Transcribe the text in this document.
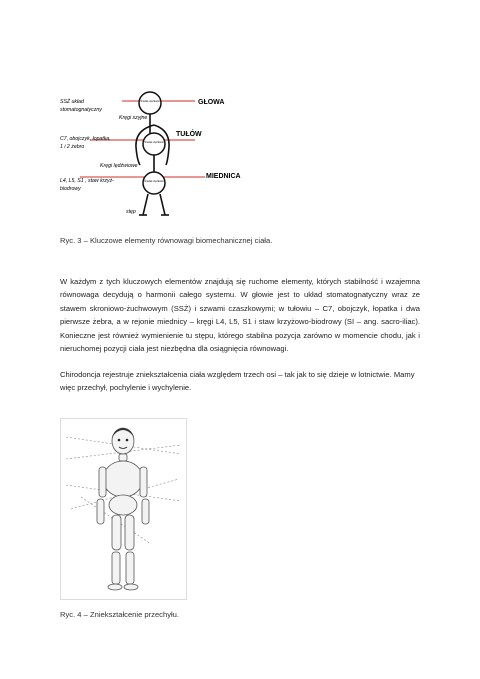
Środek ciężkości
Środek ciężkości
Środek ciężkości
SSŻ układ
stomatognatyczny
Kręgi szyjne
C7, obojczyk, łopatka,
1 i 2 żebro
Kręgi lędźwiowe
L4, L5, S1 , staw krzyż-
biodrowy
stęp
GŁOWA
TUŁÓW
MIEDNICA
Ryc. 3 – Kluczowe elementy równowagi biomechanicznej ciała.
W każdym z tych kluczowych elementów znajdują się ruchome elementy, których stabilność i wzajemna równowaga decydują o harmonii całego systemu. W głowie jest to układ stomatognatyczny wraz ze stawem skroniowo-żuchwowym (SSŻ) i szwami czaszkowymi; w tułowiu – C7, obojczyk, łopatka i dwa pierwsze żebra, a w rejonie miednicy – kręgi L4, L5, S1 i staw krzyżowo-biodrowy (SI – ang. sacro-iliac). Konieczne jest również wymienienie tu stępu, którego stabilna pozycja zarówno w momencie chodu, jak i nieruchomej pozycji ciała jest niezbędna dla osiągnięcia równowagi.
Chirodoncja rejestruje zniekształcenia ciała względem trzech osi – tak jak to się dzieje w lotnictwie. Mamy więc przechył, pochylenie i wychylenie.
Ryc. 4 – Zniekształcenie przechyłu.
